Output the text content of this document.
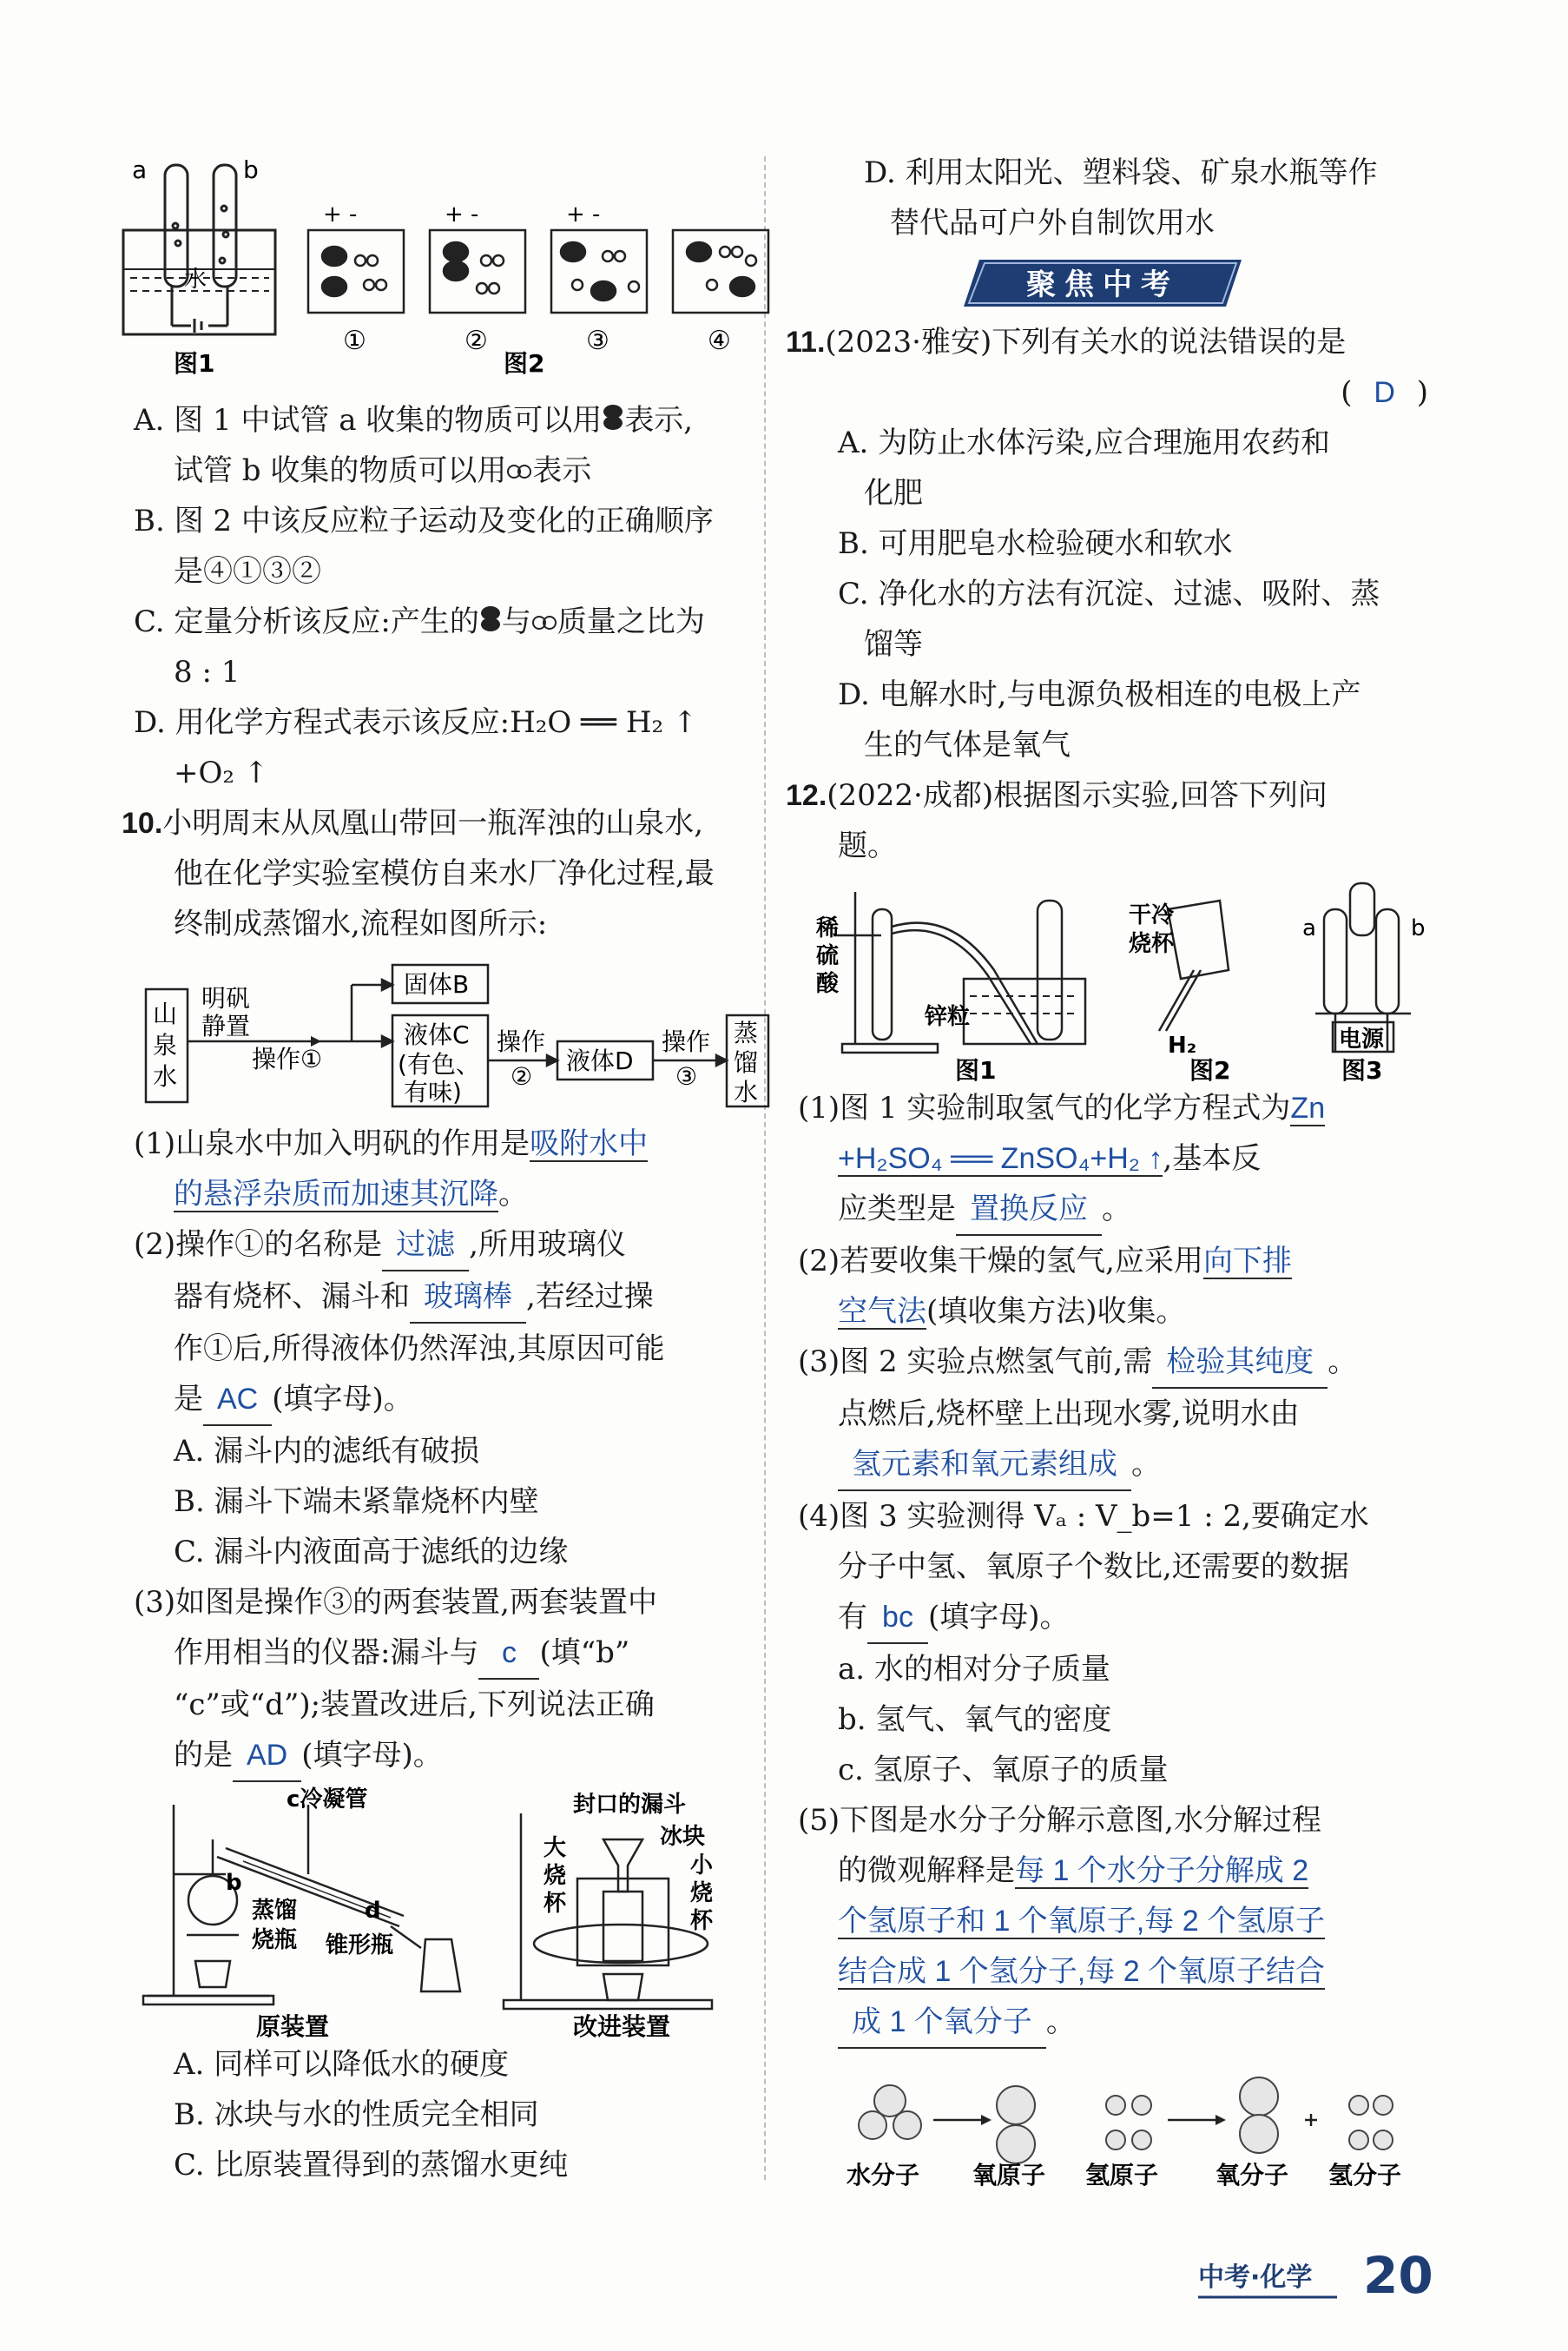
a	b
水
图1
+ -	+ -	+ -
①	②	③	④
图2
A. 图 1 中试管 a 收集的物质可以用 表示,
试管 b 收集的物质可以用 表示
B. 图 2 中该反应粒子运动及变化的正确顺序
是④①③②
C. 定量分析该反应:产生的 与 质量之比为
8 : 1
D. 用化学方程式表示该反应:H₂O ══ H₂ ↑
+O₂ ↑
10.小明周末从凤凰山带回一瓶浑浊的山泉水,
他在化学实验室模仿自来水厂净化过程,最
终制成蒸馏水,流程如图所示:
山
泉
水
明矾
静置
操作①
固体B
液体C
(有色、
有味)
操作
②
液体D
操作
③
蒸
馏
水
(1)山泉水中加入明矾的作用是吸附水中
的悬浮杂质而加速其沉降。
(2)操作①的名称是 过滤 ,所用玻璃仪
器有烧杯、漏斗和 玻璃棒 ,若经过操
作①后,所得液体仍然浑浊,其原因可能
是 AC (填字母)。
A. 漏斗内的滤纸有破损
B. 漏斗下端未紧靠烧杯内壁
C. 漏斗内液面高于滤纸的边缘
(3)如图是操作③的两套装置,两套装置中
作用相当的仪器:漏斗与 c (填“b”
“c”或“d”);装置改进后,下列说法正确
的是 AD (填字母)。
c冷凝管
b
蒸馏
烧瓶
d
锥形瓶
原装置
封口的漏斗
大
烧
杯
冰块
小
烧
杯
改进装置
A. 同样可以降低水的硬度
B. 冰块与水的性质完全相同
C. 比原装置得到的蒸馏水更纯
D. 利用太阳光、塑料袋、矿泉水瓶等作
替代品可户外自制饮用水
聚焦中考
11.(2023·雅安)下列有关水的说法错误的是
( D )
A. 为防止水体污染,应合理施用农药和
化肥
B. 可用肥皂水检验硬水和软水
C. 净化水的方法有沉淀、过滤、吸附、蒸
馏等
D. 电解水时,与电源负极相连的电极上产
生的气体是氧气
12.(2022·成都)根据图示实验,回答下列问
题。
稀
硫
酸
锌粒
图1
干冷
烧杯
H₂
图2
a	b
电源
图3
(1)图 1 实验制取氢气的化学方程式为Zn
+H₂SO₄ ══ ZnSO₄+H₂ ↑,基本反
应类型是 置换反应 。
(2)若要收集干燥的氢气,应采用向下排
空气法(填收集方法)收集。
(3)图 2 实验点燃氢气前,需 检验其纯度 。
点燃后,烧杯壁上出现水雾,说明水由
氢元素和氧元素组成 。
(4)图 3 实验测得 Vₐ : V_b=1 : 2,要确定水
分子中氢、氧原子个数比,还需要的数据
有 bc (填字母)。
a. 水的相对分子质量
b. 氢气、氧气的密度
c. 氢原子、氧原子的质量
(5)下图是水分子分解示意图,水分解过程
的微观解释是每 1 个水分子分解成 2
个氢原子和 1 个氧原子,每 2 个氢原子
结合成 1 个氢分子,每 2 个氧原子结合
成 1 个氧分子 。
水分子 氧原子 氢原子 氧分子 氢分子
中考·化学 20
